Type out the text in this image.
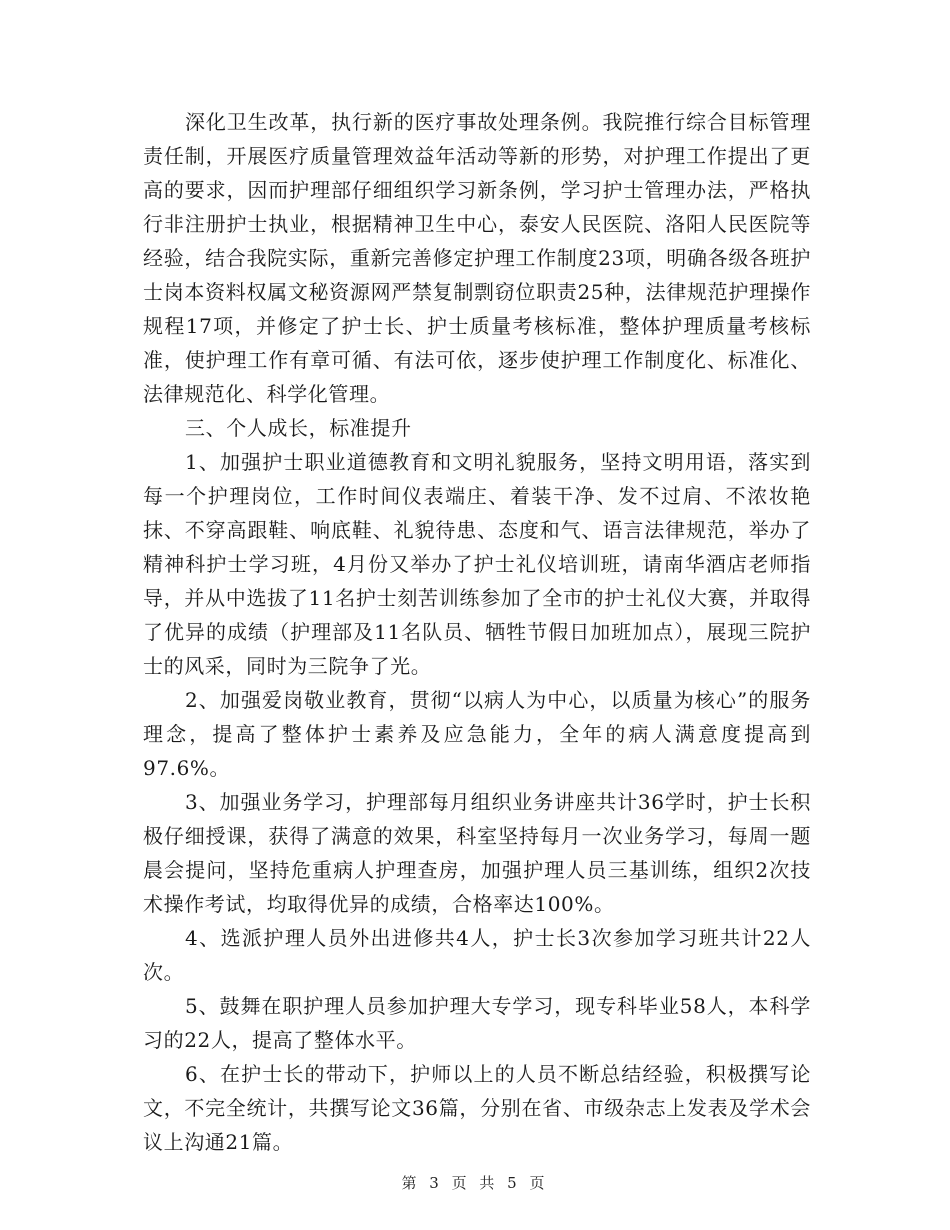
深化卫生改革，执行新的医疗事故处理条例。我院推行综合目标管理责任制，开展医疗质量管理效益年活动等新的形势，对护理工作提出了更高的要求，因而护理部仔细组织学习新条例，学习护士管理办法，严格执行非注册护士执业，根据精神卫生中心，泰安人民医院、洛阳人民医院等经验，结合我院实际，重新完善修定护理工作制度23项，明确各级各班护士岗本资料权属文秘资源网严禁复制剽窃位职责25种，法律规范护理操作规程17项，并修定了护士长、护士质量考核标准，整体护理质量考核标准，使护理工作有章可循、有法可依，逐步使护理工作制度化、标准化、法律规范化、科学化管理。

三、个人成长，标准提升

1、加强护士职业道德教育和文明礼貌服务，坚持文明用语，落实到每一个护理岗位，工作时间仪表端庄、着装干净、发不过肩、不浓妆艳抹、不穿高跟鞋、响底鞋、礼貌待患、态度和气、语言法律规范，举办了精神科护士学习班，4月份又举办了护士礼仪培训班，请南华酒店老师指导，并从中选拔了11名护士刻苦训练参加了全市的护士礼仪大赛，并取得了优异的成绩（护理部及11名队员、牺牲节假日加班加点），展现三院护士的风采，同时为三院争了光。

2、加强爱岗敬业教育，贯彻“以病人为中心，以质量为核心”的服务理念，提高了整体护士素养及应急能力，全年的病人满意度提高到97.6%。

3、加强业务学习，护理部每月组织业务讲座共计36学时，护士长积极仔细授课，获得了满意的效果，科室坚持每月一次业务学习，每周一题晨会提问，坚持危重病人护理查房，加强护理人员三基训练，组织2次技术操作考试，均取得优异的成绩，合格率达100%。

4、选派护理人员外出进修共4人，护士长3次参加学习班共计22人次。

5、鼓舞在职护理人员参加护理大专学习，现专科毕业58人，本科学习的22人，提高了整体水平。

6、在护士长的带动下，护师以上的人员不断总结经验，积极撰写论文，不完全统计，共撰写论文36篇，分别在省、市级杂志上发表及学术会议上沟通21篇。

第 3 页 共 5 页
